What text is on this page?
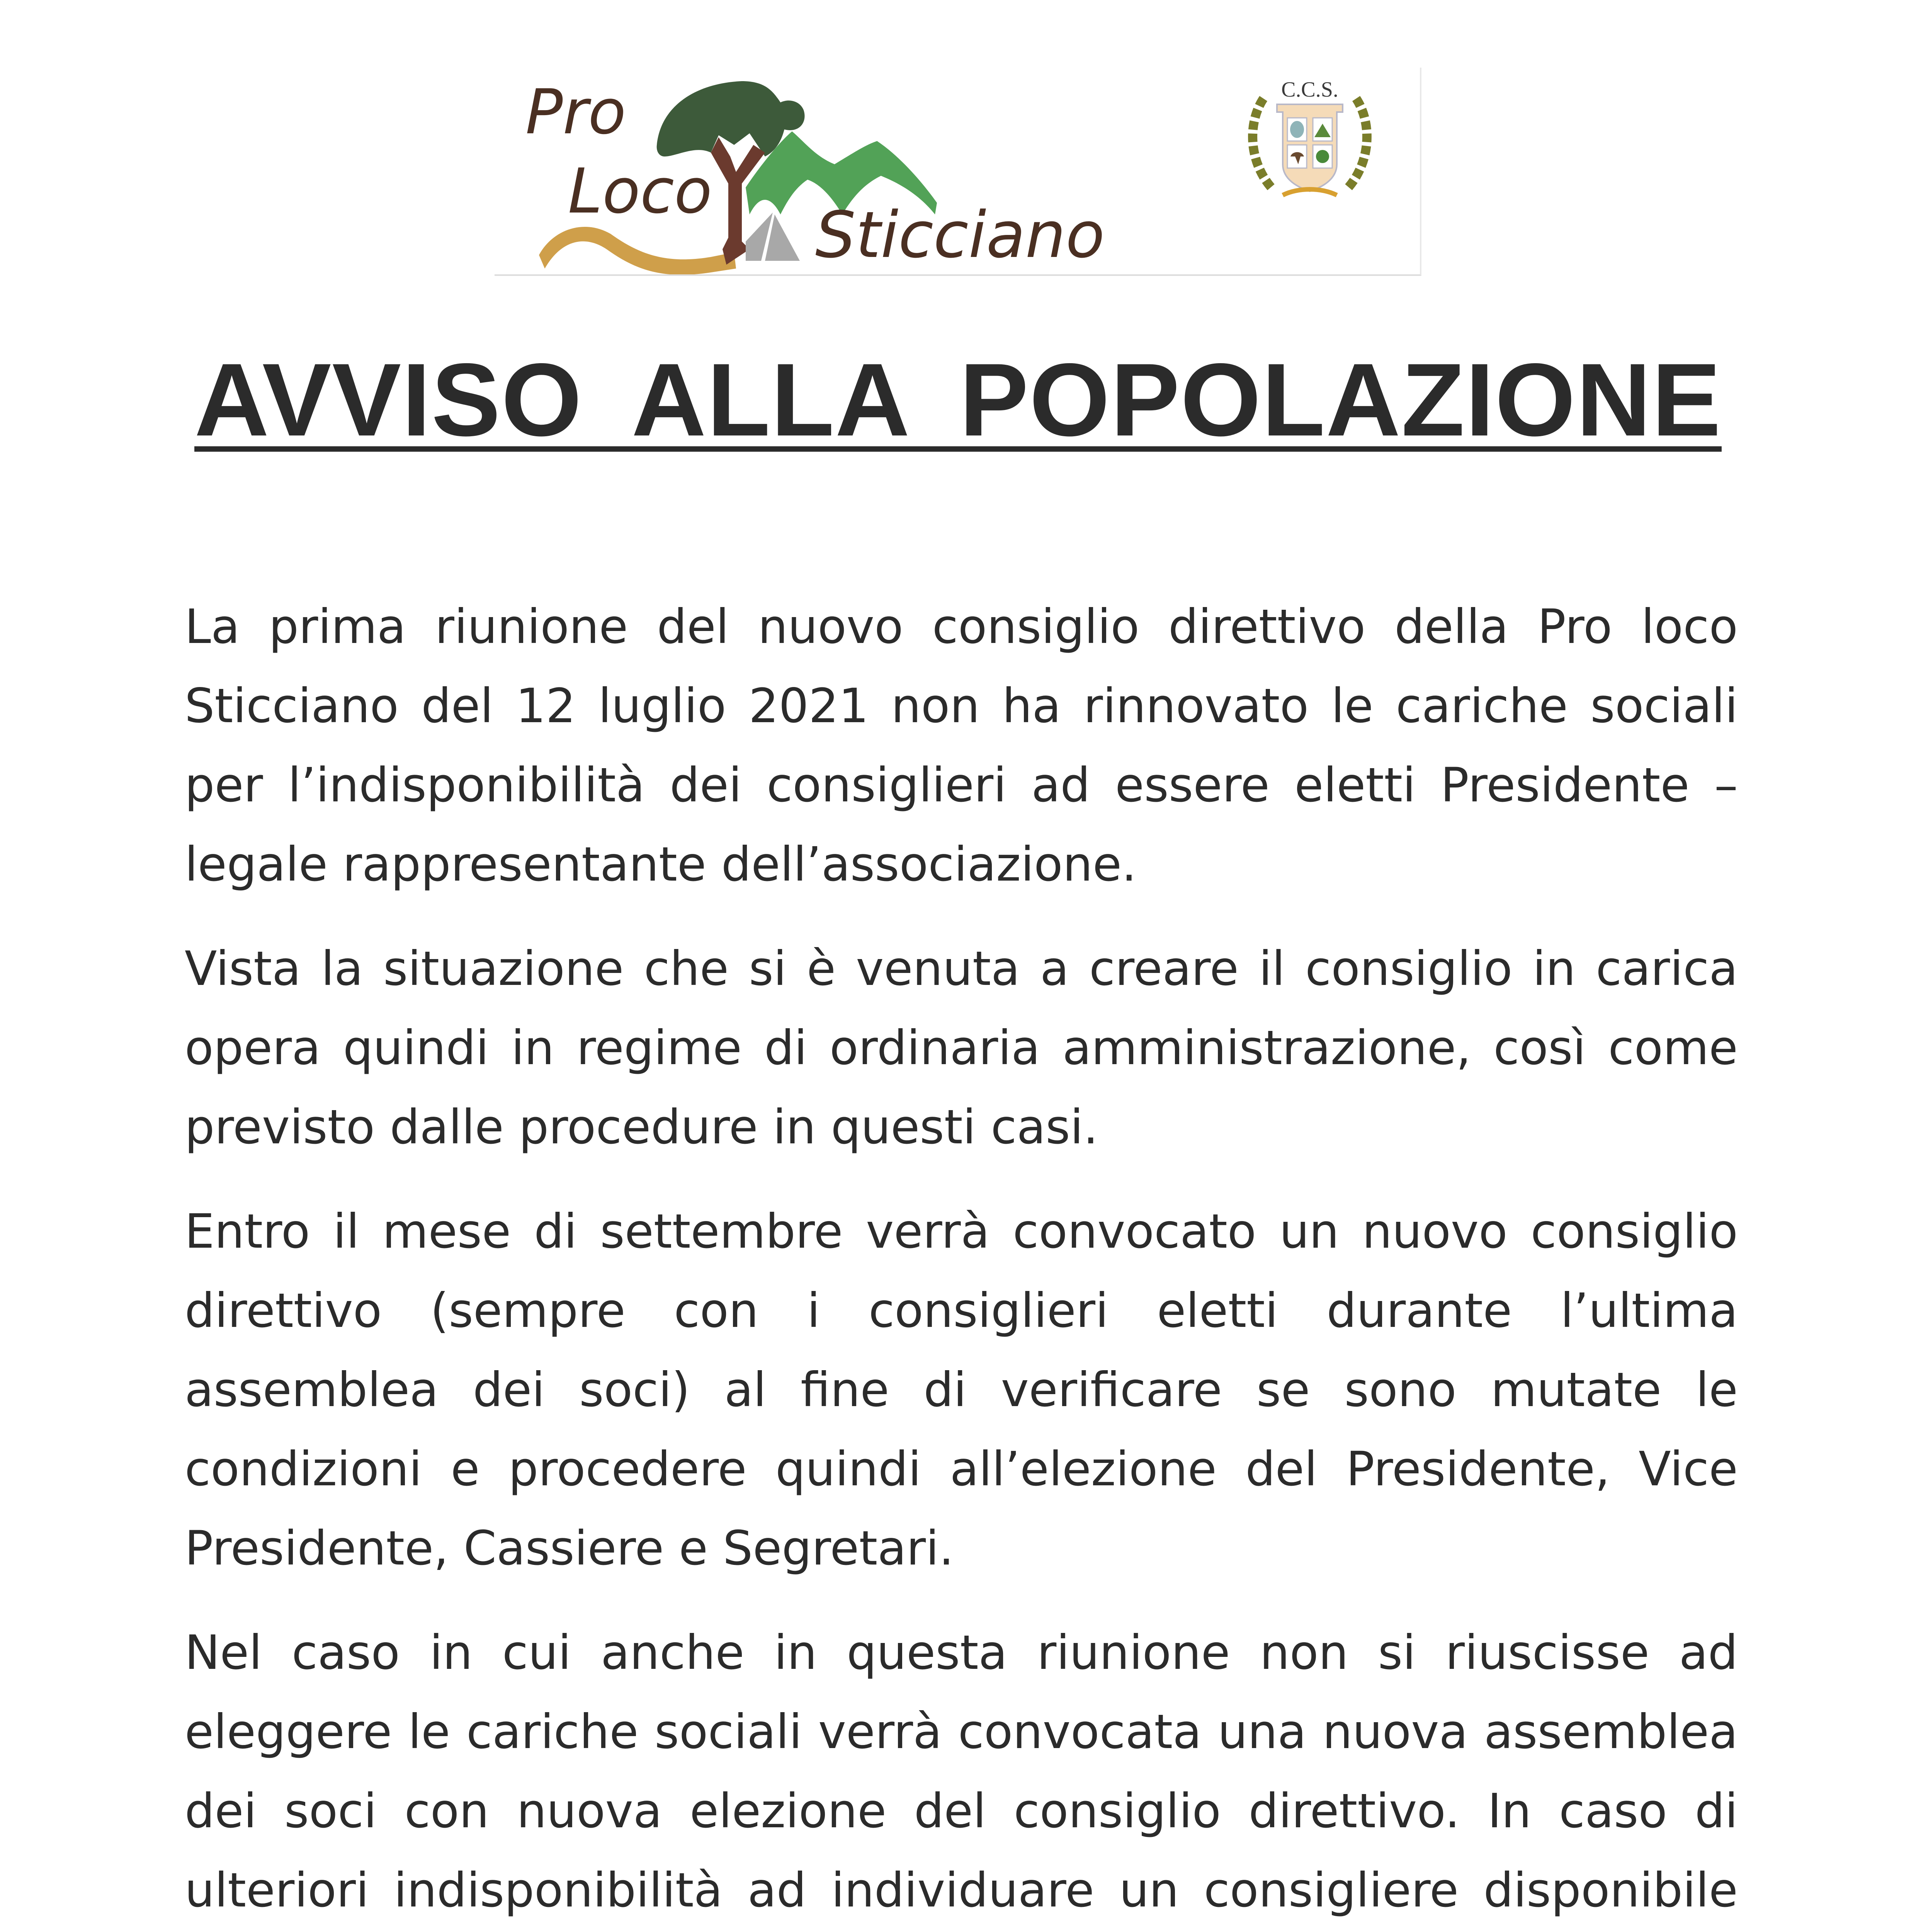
Pro
Loco
Sticciano
C.C.S.
AVVISO ALLA POPOLAZIONE

La prima riunione del nuovo consiglio direttivo della Pro loco Sticciano del 12 luglio 2021 non ha rinnovato le cariche sociali per l’indisponibilità dei consiglieri ad essere eletti Presidente – legale rappresentante dell’associazione.

Vista la situazione che si è venuta a creare il consiglio in carica opera quindi in regime di ordinaria amministrazione, così come previsto dalle procedure in questi casi.

Entro il mese di settembre verrà convocato un nuovo consiglio direttivo (sempre con i consiglieri eletti durante l’ultima assemblea dei soci) al fine di verificare se sono mutate le condizioni e procedere quindi all’elezione del Presidente, Vice Presidente, Cassiere e Segretari.

Nel caso in cui anche in questa riunione non si riuscisse ad eleggere le cariche sociali verrà convocata una nuova assemblea dei soci con nuova elezione del consiglio direttivo. In caso di ulteriori indisponibilità ad individuare un consigliere disponibile
